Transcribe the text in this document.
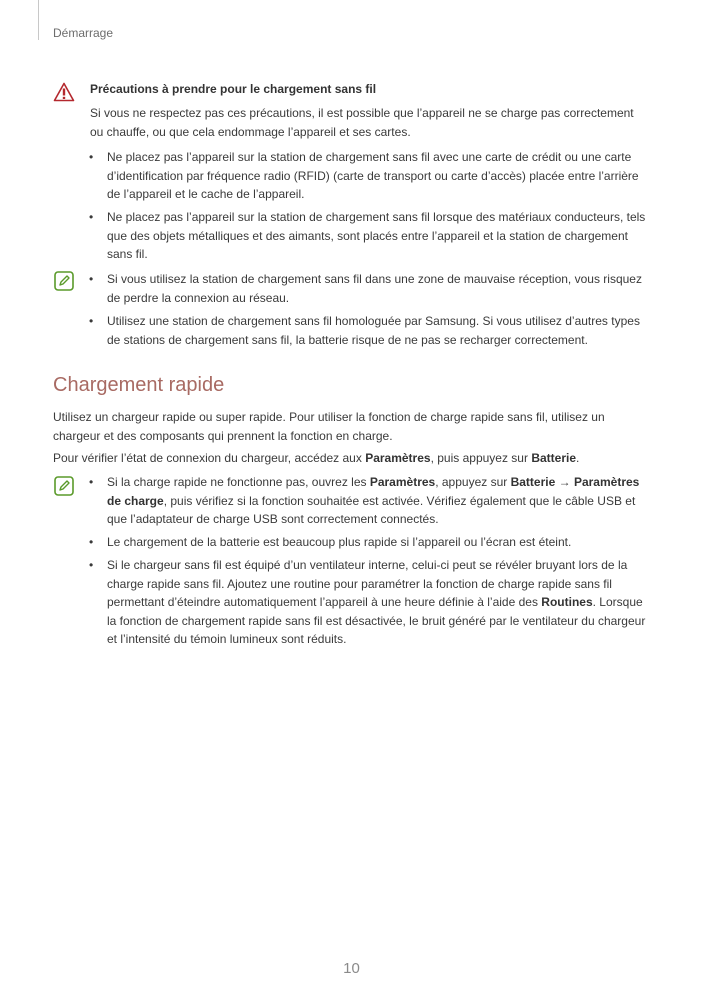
Démarrage
Précautions à prendre pour le chargement sans fil

Si vous ne respectez pas ces précautions, il est possible que l’appareil ne se charge pas correctement ou chauffe, ou que cela endommage l’appareil et ses cartes.

• Ne placez pas l’appareil sur la station de chargement sans fil avec une carte de crédit ou une carte d’identification par fréquence radio (RFID) (carte de transport ou carte d’accès) placée entre l’arrière de l’appareil et le cache de l’appareil.

• Ne placez pas l’appareil sur la station de chargement sans fil lorsque des matériaux conducteurs, tels que des objets métalliques et des aimants, sont placés entre l’appareil et la station de chargement sans fil.

• Si vous utilisez la station de chargement sans fil dans une zone de mauvaise réception, vous risquez de perdre la connexion au réseau.

• Utilisez une station de chargement sans fil homologuée par Samsung. Si vous utilisez d’autres types de stations de chargement sans fil, la batterie risque de ne pas se recharger correctement.

Chargement rapide

Utilisez un chargeur rapide ou super rapide. Pour utiliser la fonction de charge rapide sans fil, utilisez un chargeur et des composants qui prennent la fonction en charge.

Pour vérifier l’état de connexion du chargeur, accédez aux Paramètres, puis appuyez sur Batterie.

• Si la charge rapide ne fonctionne pas, ouvrez les Paramètres, appuyez sur Batterie → Paramètres de charge, puis vérifiez si la fonction souhaitée est activée. Vérifiez également que le câble USB et que l’adaptateur de charge USB sont correctement connectés.

• Le chargement de la batterie est beaucoup plus rapide si l’appareil ou l’écran est éteint.

• Si le chargeur sans fil est équipé d’un ventilateur interne, celui-ci peut se révéler bruyant lors de la charge rapide sans fil. Ajoutez une routine pour paramétrer la fonction de charge rapide sans fil permettant d’éteindre automatiquement l’appareil à une heure définie à l’aide des Routines. Lorsque la fonction de chargement rapide sans fil est désactivée, le bruit généré par le ventilateur du chargeur et l’intensité du témoin lumineux sont réduits.

10
